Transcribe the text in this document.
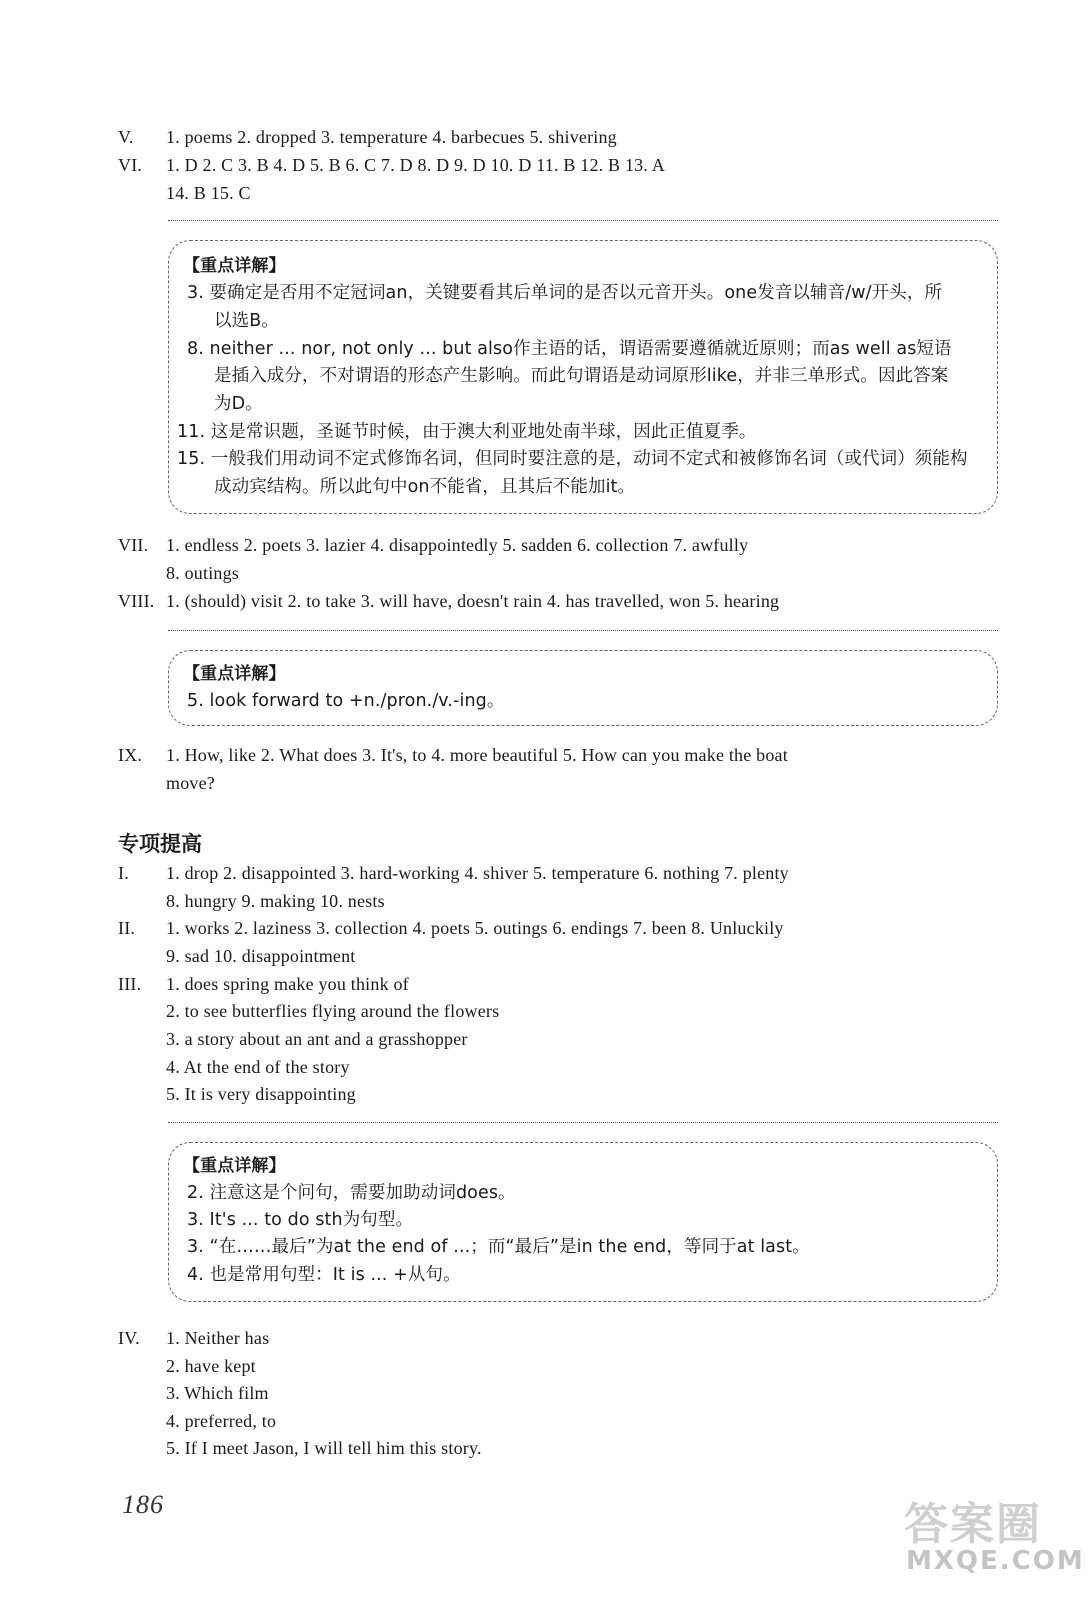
V. 1. poems 2. dropped 3. temperature 4. barbecues 5. shivering
VI. 1. D 2. C 3. B 4. D 5. B 6. C 7. D 8. D 9. D 10. D 11. B 12. B 13. A
14. B 15. C
【重点详解】
3. 要确定是否用不定冠词an，关键要看其后单词的是否以元音开头。one发音以辅音/w/开头，所
以选B。
8. neither ... nor, not only ... but also作主语的话，谓语需要遵循就近原则；而as well as短语
是插入成分，不对谓语的形态产生影响。而此句谓语是动词原形like，并非三单形式。因此答案
为D。
11. 这是常识题，圣诞节时候，由于澳大利亚地处南半球，因此正值夏季。
15. 一般我们用动词不定式修饰名词，但同时要注意的是，动词不定式和被修饰名词（或代词）须能构
成动宾结构。所以此句中on不能省，且其后不能加it。
VII. 1. endless 2. poets 3. lazier 4. disappointedly 5. sadden 6. collection 7. awfully
8. outings
VIII. 1. (should) visit 2. to take 3. will have, doesn't rain 4. has travelled, won 5. hearing
【重点详解】
5. look forward to +n./pron./v.-ing。
IX. 1. How, like 2. What does 3. It's, to 4. more beautiful 5. How can you make the boat
move?
专项提高
I. 1. drop 2. disappointed 3. hard-working 4. shiver 5. temperature 6. nothing 7. plenty
8. hungry 9. making 10. nests
II. 1. works 2. laziness 3. collection 4. poets 5. outings 6. endings 7. been 8. Unluckily
9. sad 10. disappointment
III. 1. does spring make you think of
2. to see butterflies flying around the flowers
3. a story about an ant and a grasshopper
4. At the end of the story
5. It is very disappointing
【重点详解】
2. 注意这是个问句，需要加助动词does。
3. It's ... to do sth为句型。
3. “在……最后”为at the end of ...；而“最后”是in the end，等同于at last。
4. 也是常用句型：It is ... +从句。
IV. 1. Neither has
2. have kept
3. Which film
4. preferred, to
5. If I meet Jason, I will tell him this story.
186	答案圈
MXQE.COM
